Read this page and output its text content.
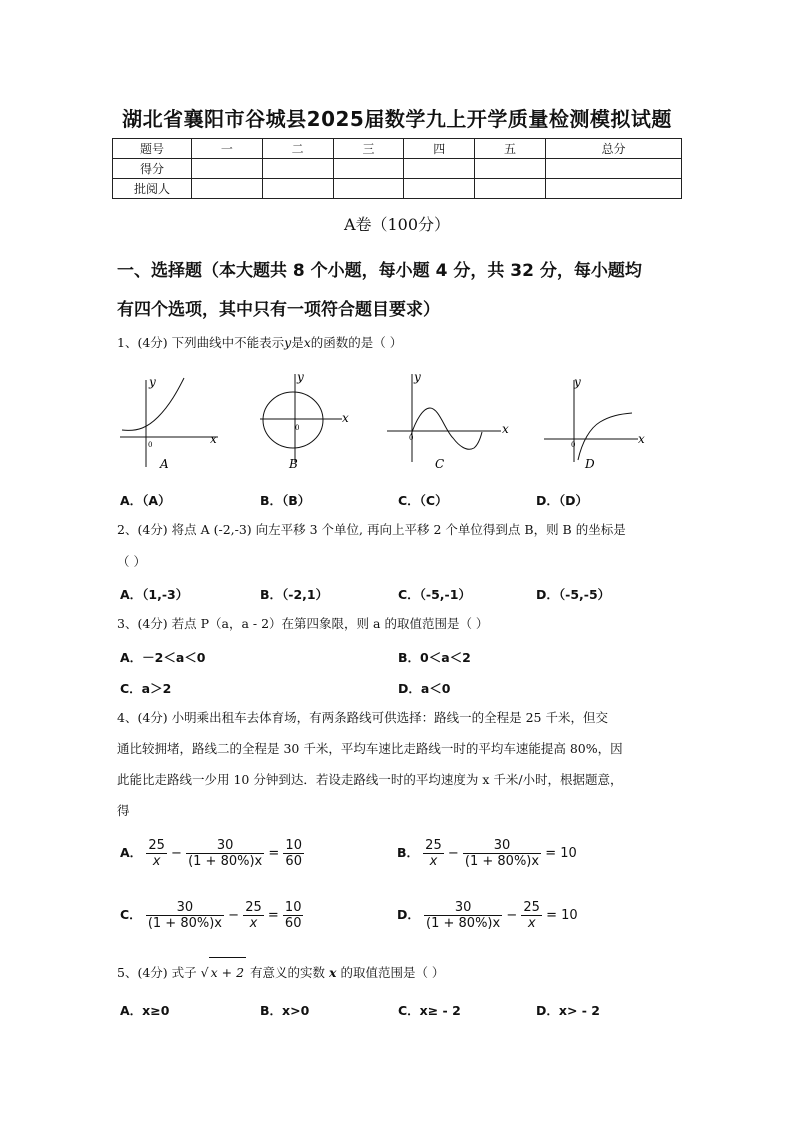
湖北省襄阳市谷城县2025届数学九上开学质量检测模拟试题
题号	一	二	三	四	五	总分
得分						
批阅人						
A卷（100分）
一、选择题（本大题共 8 个小题，每小题 4 分，共 32 分，每小题均
有四个选项，其中只有一项符合题目要求）
1、(4分) 下列曲线中不能表示y是x的函数的是（ ）
y
x
0
A
y
x
0
B
y
x
0
C
y
x
0
D
A．（A）	B．（B）	C．（C）	D．（D）
2、(4分) 将点 A (-2,-3) 向左平移 3 个单位, 再向上平移 2 个单位得到点 B，则 B 的坐标是
（ ）
A．（1,-3）	B．（-2,1）	C．（-5,-1）	D．（-5,-5）
3、(4分) 若点 P（a，a - 2）在第四象限，则 a 的取值范围是（ ）
A．－2＜a＜0	B．0＜a＜2
C．a＞2	D．a＜0
4、(4分) 小明乘出租车去体育场，有两条路线可供选择：路线一的全程是 25 千米，但交
通比较拥堵，路线二的全程是 30 千米，平均车速比走路线一时的平均车速能提高 80%，因
此能比走路线一少用 10 分钟到达．若设走路线一时的平均速度为 x 千米/小时，根据题意，
得
A． $\frac{25}{x} - \frac{30}{(1 + 80\%)x} = \frac{10}{60}$	B． $\frac{25}{x} - \frac{30}{(1 + 80\%)x} = 10$
C． $\frac{30}{(1 + 80\%)x} - \frac{25}{x} = \frac{10}{60}$	D． $\frac{30}{(1 + 80\%)x} - \frac{25}{x} = 10$
5、(4分) 式子 √ x + 2 有意义的实数 x 的取值范围是（ ）
A．x≥0	B．x>0	C．x≥ - 2	D．x> - 2
